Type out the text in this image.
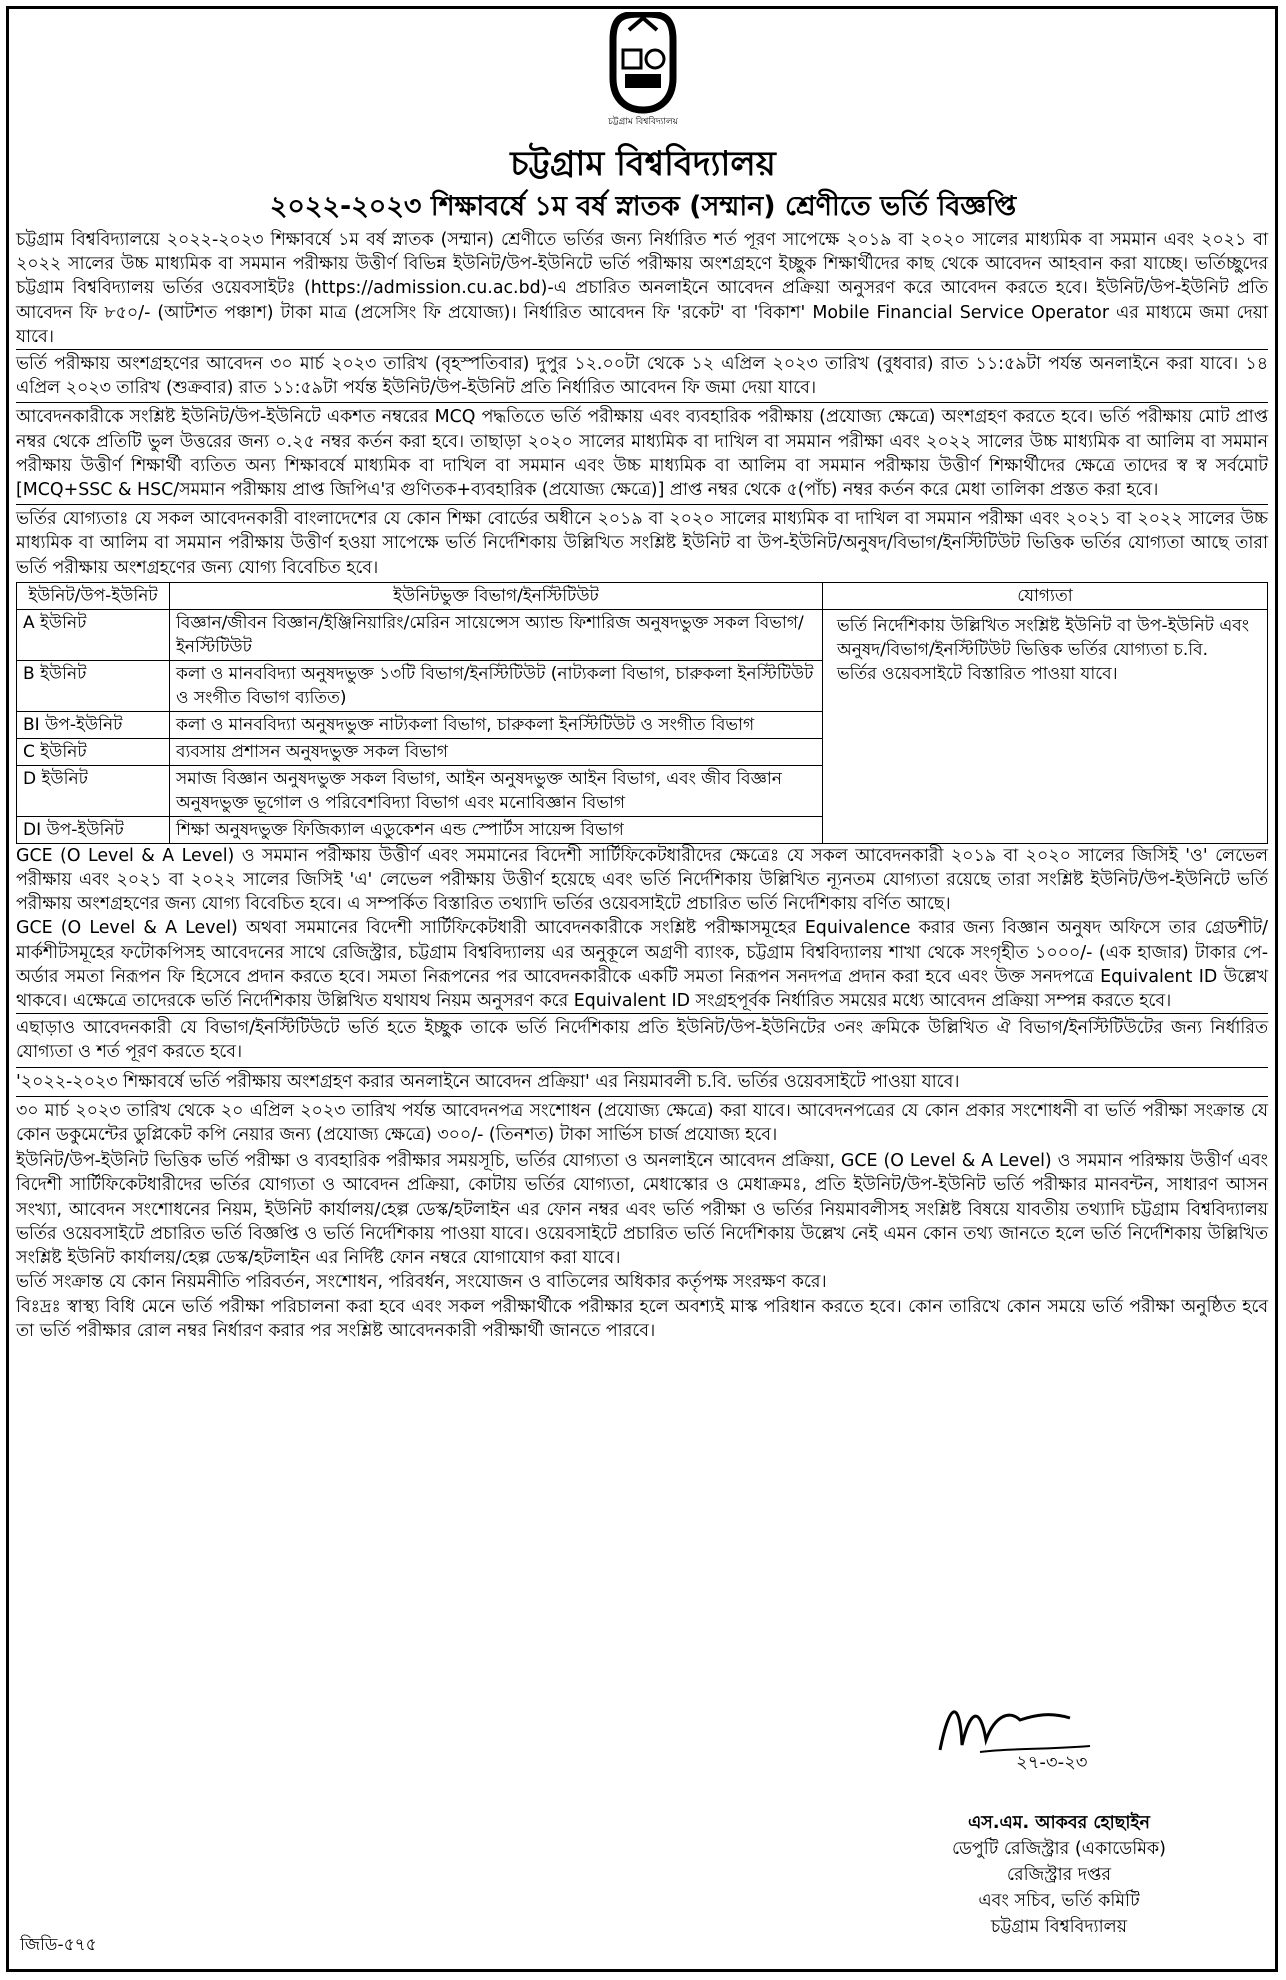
চট্টগ্রাম বিশ্ববিদ্যালয়
চট্টগ্রাম বিশ্ববিদ্যালয়
২০২২-২০২৩ শিক্ষাবর্ষে ১ম বর্ষ স্নাতক (সম্মান) শ্রেণীতে ভর্তি বিজ্ঞপ্তি

চট্টগ্রাম বিশ্ববিদ্যালয়ে ২০২২-২০২৩ শিক্ষাবর্ষে ১ম বর্ষ স্নাতক (সম্মান) শ্রেণীতে ভর্তির জন্য নির্ধারিত শর্ত পূরণ সাপেক্ষে ২০১৯ বা ২০২০ সালের মাধ্যমিক বা সমমান এবং ২০২১ বা ২০২২ সালের উচ্চ মাধ্যমিক বা সমমান পরীক্ষায় উত্তীর্ণ বিভিন্ন ইউনিট/উপ-ইউনিটে ভর্তি পরীক্ষায় অংশগ্রহণে ইচ্ছুক শিক্ষার্থীদের কাছ থেকে আবেদন আহবান করা যাচ্ছে। ভর্তিচ্ছুদের চট্টগ্রাম বিশ্ববিদ্যালয় ভর্তির ওয়েবসাইটঃ (https://admission.cu.ac.bd)-এ প্রচারিত অনলাইনে আবেদন প্রক্রিয়া অনুসরণ করে আবেদন করতে হবে। ইউনিট/উপ-ইউনিট প্রতি আবেদন ফি ৮৫০/- (আটশত পঞ্চাশ) টাকা মাত্র (প্রসেসিং ফি প্রযোজ্য)। নির্ধারিত আবেদন ফি 'রকেট' বা 'বিকাশ' Mobile Financial Service Operator এর মাধ্যমে জমা দেয়া যাবে।

ভর্তি পরীক্ষায় অংশগ্রহণের আবেদন ৩০ মার্চ ২০২৩ তারিখ (বৃহস্পতিবার) দুপুর ১২.০০টা থেকে ১২ এপ্রিল ২০২৩ তারিখ (বুধবার) রাত ১১:৫৯টা পর্যন্ত অনলাইনে করা যাবে। ১৪ এপ্রিল ২০২৩ তারিখ (শুক্রবার) রাত ১১:৫৯টা পর্যন্ত ইউনিট/উপ-ইউনিট প্রতি নির্ধারিত আবেদন ফি জমা দেয়া যাবে।

আবেদনকারীকে সংশ্লিষ্ট ইউনিট/উপ-ইউনিটে একশত নম্বরের MCQ পদ্ধতিতে ভর্তি পরীক্ষায় এবং ব্যবহারিক পরীক্ষায় (প্রযোজ্য ক্ষেত্রে) অংশগ্রহণ করতে হবে। ভর্তি পরীক্ষায় মোট প্রাপ্ত নম্বর থেকে প্রতিটি ভুল উত্তরের জন্য ০.২৫ নম্বর কর্তন করা হবে। তাছাড়া ২০২০ সালের মাধ্যমিক বা দাখিল বা সমমান পরীক্ষা এবং ২০২২ সালের উচ্চ মাধ্যমিক বা আলিম বা সমমান পরীক্ষায় উত্তীর্ণ শিক্ষার্থী ব্যতিত অন্য শিক্ষাবর্ষে মাধ্যমিক বা দাখিল বা সমমান এবং উচ্চ মাধ্যমিক বা আলিম বা সমমান পরীক্ষায় উত্তীর্ণ শিক্ষার্থীদের ক্ষেত্রে তাদের স্ব স্ব সর্বমোট [MCQ+SSC & HSC/সমমান পরীক্ষায় প্রাপ্ত জিপিএ'র গুণিতক+ব্যবহারিক (প্রযোজ্য ক্ষেত্রে)] প্রাপ্ত নম্বর থেকে ৫(পাঁচ) নম্বর কর্তন করে মেধা তালিকা প্রস্তত করা হবে।

ভর্তির যোগ্যতাঃ যে সকল আবেদনকারী বাংলাদেশের যে কোন শিক্ষা বোর্ডের অধীনে ২০১৯ বা ২০২০ সালের মাধ্যমিক বা দাখিল বা সমমান পরীক্ষা এবং ২০২১ বা ২০২২ সালের উচ্চ মাধ্যমিক বা আলিম বা সমমান পরীক্ষায় উত্তীর্ণ হওয়া সাপেক্ষে ভর্তি নির্দেশিকায় উল্লিখিত সংশ্লিষ্ট ইউনিট বা উপ-ইউনিট/অনুষদ/বিভাগ/ইনস্টিটিউট ভিত্তিক ভর্তির যোগ্যতা আছে তারা ভর্তি পরীক্ষায় অংশগ্রহণের জন্য যোগ্য বিবেচিত হবে।

ইউনিট/উপ-ইউনিট	ইউনিটভুক্ত বিভাগ/ইনস্টিটিউট	যোগ্যতা
A ইউনিট	বিজ্ঞান/জীবন বিজ্ঞান/ইঞ্জিনিয়ারিং/মেরিন সায়েন্সেস অ্যান্ড ফিশারিজ অনুষদভুক্ত সকল বিভাগ/ইনস্টিটিউট	ভর্তি নির্দেশিকায় উল্লিখিত সংশ্লিষ্ট ইউনিট বা উপ-ইউনিট এবং অনুষদ/বিভাগ/ইনস্টিটিউট ভিত্তিক ভর্তির যোগ্যতা চ.বি. ভর্তির ওয়েবসাইটে বিস্তারিত পাওয়া যাবে।
B ইউনিট	কলা ও মানববিদ্যা অনুষদভুক্ত ১৩টি বিভাগ/ইনস্টিটিউট (নাট্যকলা বিভাগ, চারুকলা ইনস্টিটিউট ও সংগীত বিভাগ ব্যতিত)	
BI উপ-ইউনিট	কলা ও মানববিদ্যা অনুষদভুক্ত নাট্যকলা বিভাগ, চারুকলা ইনস্টিটিউট ও সংগীত বিভাগ	
C ইউনিট	ব্যবসায় প্রশাসন অনুষদভুক্ত সকল বিভাগ	
D ইউনিট	সমাজ বিজ্ঞান অনুষদভুক্ত সকল বিভাগ, আইন অনুষদভুক্ত আইন বিভাগ, এবং জীব বিজ্ঞান অনুষদভুক্ত ভূগোল ও পরিবেশবিদ্যা বিভাগ এবং মনোবিজ্ঞান বিভাগ	
DI উপ-ইউনিট	শিক্ষা অনুষদভুক্ত ফিজিক্যাল এডুকেশন এন্ড স্পোর্টস সায়েন্স বিভাগ	

GCE (O Level & A Level) ও সমমান পরীক্ষায় উত্তীর্ণ এবং সমমানের বিদেশী সার্টিফিকেটধারীদের ক্ষেত্রেঃ যে সকল আবেদনকারী ২০১৯ বা ২০২০ সালের জিসিই 'ও' লেভেল পরীক্ষায় এবং ২০২১ বা ২০২২ সালের জিসিই 'এ' লেভেল পরীক্ষায় উত্তীর্ণ হয়েছে এবং ভর্তি নির্দেশিকায় উল্লিখিত ন্যূনতম যোগ্যতা রয়েছে তারা সংশ্লিষ্ট ইউনিট/উপ-ইউনিটে ভর্তি পরীক্ষায় অংশগ্রহণের জন্য যোগ্য বিবেচিত হবে। এ সম্পর্কিত বিস্তারিত তথ্যাদি ভর্তির ওয়েবসাইটে প্রচারিত ভর্তি নির্দেশিকায় বর্ণিত আছে।

GCE (O Level & A Level) অথবা সমমানের বিদেশী সার্টিফিকেটধারী আবেদনকারীকে সংশ্লিষ্ট পরীক্ষাসমূহের Equivalence করার জন্য বিজ্ঞান অনুষদ অফিসে তার গ্রেডশীট/মার্কশীটসমূহের ফটোকপিসহ আবেদনের সাথে রেজিস্ট্রার, চট্টগ্রাম বিশ্ববিদ্যালয় এর অনুকূলে অগ্রণী ব্যাংক, চট্টগ্রাম বিশ্ববিদ্যালয় শাখা থেকে সংগৃহীত ১০০০/- (এক হাজার) টাকার পে-অর্ডার সমতা নিরূপন ফি হিসেবে প্রদান করতে হবে। সমতা নিরূপনের পর আবেদনকারীকে একটি সমতা নিরূপন সনদপত্র প্রদান করা হবে এবং উক্ত সনদপত্রে Equivalent ID উল্লেখ থাকবে। এক্ষেত্রে তাদেরকে ভর্তি নির্দেশিকায় উল্লিখিত যথাযথ নিয়ম অনুসরণ করে Equivalent ID সংগ্রহপূর্বক নির্ধারিত সময়ের মধ্যে আবেদন প্রক্রিয়া সম্পন্ন করতে হবে।

এছাড়াও আবেদনকারী যে বিভাগ/ইনস্টিটিউটে ভর্তি হতে ইচ্ছুক তাকে ভর্তি নির্দেশিকায় প্রতি ইউনিট/উপ-ইউনিটের ৩নং ক্রমিকে উল্লিখিত ঐ বিভাগ/ইনস্টিটিউটের জন্য নির্ধারিত যোগ্যতা ও শর্ত পূরণ করতে হবে।

'২০২২-২০২৩ শিক্ষাবর্ষে ভর্তি পরীক্ষায় অংশগ্রহণ করার অনলাইনে আবেদন প্রক্রিয়া' এর নিয়মাবলী চ.বি. ভর্তির ওয়েবসাইটে পাওয়া যাবে।

৩০ মার্চ ২০২৩ তারিখ থেকে ২০ এপ্রিল ২০২৩ তারিখ পর্যন্ত আবেদনপত্র সংশোধন (প্রযোজ্য ক্ষেত্রে) করা যাবে। আবেদনপত্রের যে কোন প্রকার সংশোধনী বা ভর্তি পরীক্ষা সংক্রান্ত যে কোন ডকুমেন্টের ডুপ্লিকেট কপি নেয়ার জন্য (প্রযোজ্য ক্ষেত্রে) ৩০০/- (তিনশত) টাকা সার্ভিস চার্জ প্রযোজ্য হবে।

ইউনিট/উপ-ইউনিট ভিত্তিক ভর্তি পরীক্ষা ও ব্যবহারিক পরীক্ষার সময়সূচি, ভর্তির যোগ্যতা ও অনলাইনে আবেদন প্রক্রিয়া, GCE (O Level & A Level) ও সমমান পরিক্ষায় উত্তীর্ণ এবং বিদেশী সার্টিফিকেটধারীদের ভর্তির যোগ্যতা ও আবেদন প্রক্রিয়া, কোটায় ভর্তির যোগ্যতা, মেধাস্কোর ও মেধাক্রমঃ, প্রতি ইউনিট/উপ-ইউনিট ভর্তি পরীক্ষার মানবন্টন, সাধারণ আসন সংখ্যা, আবেদন সংশোধনের নিয়ম, ইউনিট কার্যালয়/হেল্প ডেস্ক/হটলাইন এর ফোন নম্বর এবং ভর্তি পরীক্ষা ও ভর্তির নিয়মাবলীসহ সংশ্লিষ্ট বিষয়ে যাবতীয় তথ্যাদি চট্টগ্রাম বিশ্ববিদ্যালয় ভর্তির ওয়েবসাইটে প্রচারিত ভর্তি বিজ্ঞপ্তি ও ভর্তি নির্দেশিকায় পাওয়া যাবে। ওয়েবসাইটে প্রচারিত ভর্তি নির্দেশিকায় উল্লেখ নেই এমন কোন তথ্য জানতে হলে ভর্তি নির্দেশিকায় উল্লিখিত সংশ্লিষ্ট ইউনিট কার্যালয়/হেল্প ডেস্ক/হটলাইন এর নির্দিষ্ট ফোন নম্বরে যোগাযোগ করা যাবে।

ভর্তি সংক্রান্ত যে কোন নিয়মনীতি পরিবর্তন, সংশোধন, পরিবর্ধন, সংযোজন ও বাতিলের অধিকার কর্তৃপক্ষ সংরক্ষণ করে।

বিঃদ্রঃ স্বাস্থ্য বিধি মেনে ভর্তি পরীক্ষা পরিচালনা করা হবে এবং সকল পরীক্ষার্থীকে পরীক্ষার হলে অবশ্যই মাস্ক পরিধান করতে হবে। কোন তারিখে কোন সময়ে ভর্তি পরীক্ষা অনুষ্ঠিত হবে তা ভর্তি পরীক্ষার রোল নম্বর নির্ধারণ করার পর সংশ্লিষ্ট আবেদনকারী পরীক্ষার্থী জানতে পারবে।

২৭-৩-২৩
এস.এম. আকবর হোছাইন
ডেপুটি রেজিস্ট্রার (একাডেমিক)
রেজিস্ট্রার দপ্তর
এবং সচিব, ভর্তি কমিটি
চট্টগ্রাম বিশ্ববিদ্যালয়
জিডি-৫৭৫
